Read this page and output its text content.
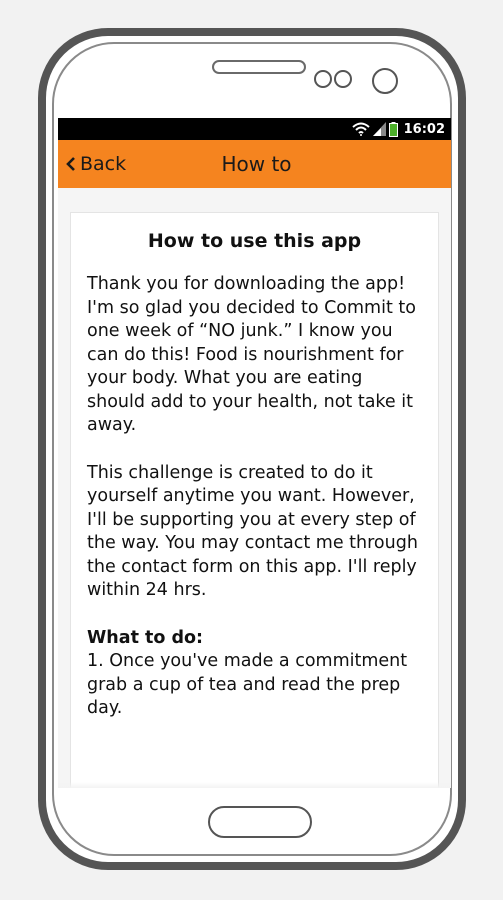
16:02
Back	How to

How to use this app

Thank you for downloading the app! I'm so glad you decided to Commit to one week of “NO junk.” I know you can do this! Food is nourishment for your body. What you are eating should add to your health, not take it away.

This challenge is created to do it yourself anytime you want. However, I'll be supporting you at every step of the way. You may contact me through the contact form on this app. I'll reply within 24 hrs.

What to do:

1. Once you've made a commitment grab a cup of tea and read the prep day.
